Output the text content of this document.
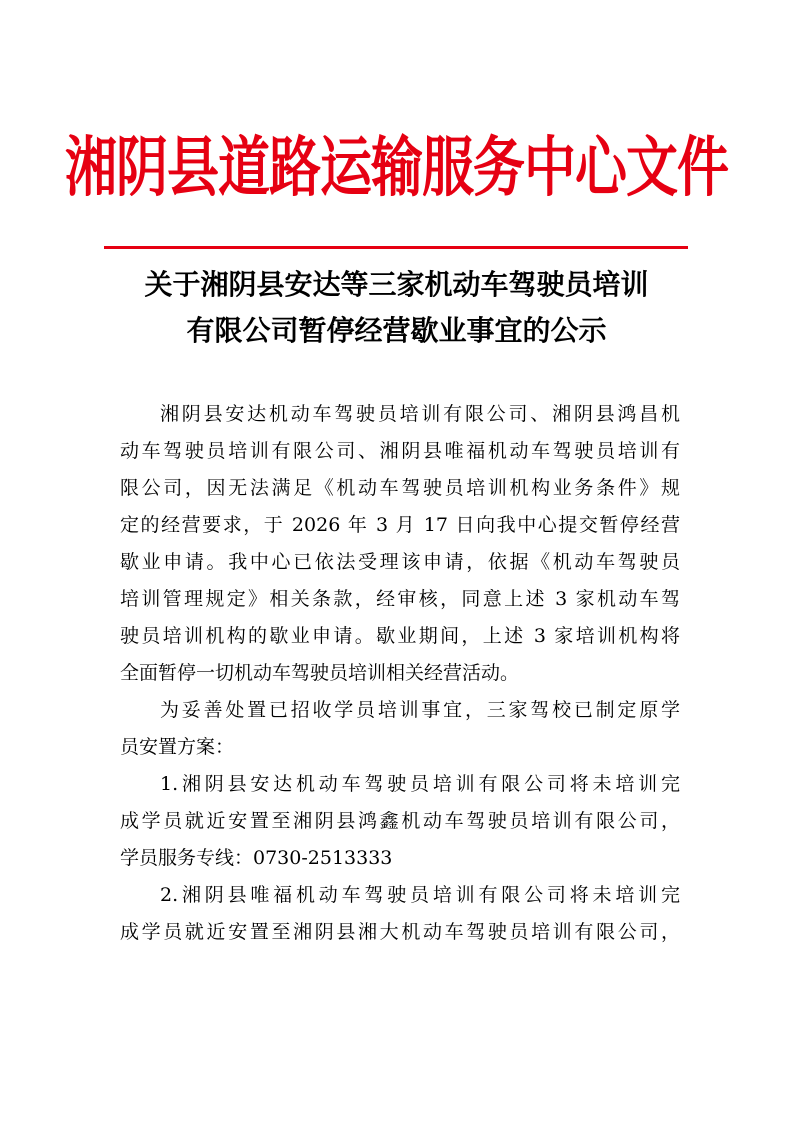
湘阴县道路运输服务中心文件
关于湘阴县安达等三家机动车驾驶员培训
有限公司暂停经营歇业事宜的公示
湘阴县安达机动车驾驶员培训有限公司、湘阴县鸿昌机
动车驾驶员培训有限公司、湘阴县唯福机动车驾驶员培训有
限公司，因无法满足《机动车驾驶员培训机构业务条件》规
定的经营要求，于 2026 年 3 月 17 日向我中心提交暂停经营
歇业申请。我中心已依法受理该申请，依据《机动车驾驶员
培训管理规定》相关条款，经审核，同意上述 3 家机动车驾
驶员培训机构的歇业申请。歇业期间，上述 3 家培训机构将
全面暂停一切机动车驾驶员培训相关经营活动。
为妥善处置已招收学员培训事宜，三家驾校已制定原学
员安置方案：
1.湘阴县安达机动车驾驶员培训有限公司将未培训完
成学员就近安置至湘阴县鸿鑫机动车驾驶员培训有限公司，
学员服务专线：0730-2513333
2.湘阴县唯福机动车驾驶员培训有限公司将未培训完
成学员就近安置至湘阴县湘大机动车驾驶员培训有限公司，
